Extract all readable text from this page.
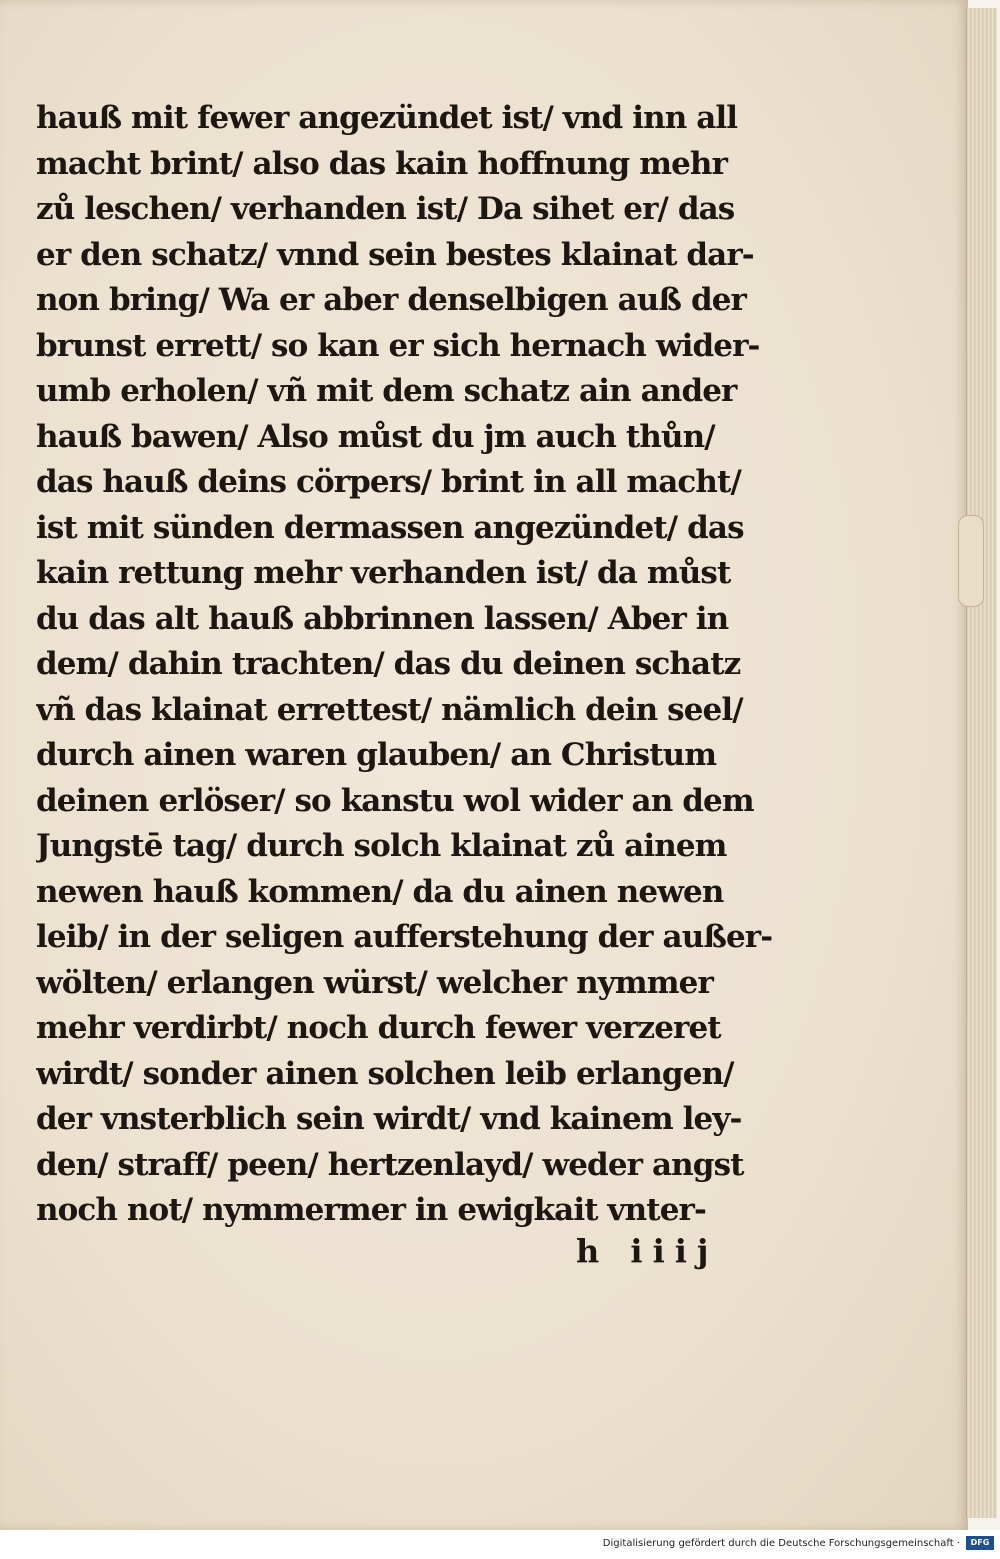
hauß mit fewer angezündet ist/ vnd inn all
macht brint/ also das kain hoffnung mehr
zů leschen/ verhanden ist/ Da sihet er/ das
er den schatz/ vnnd sein bestes klainat dar-
non bring/ Wa er aber denselbigen auß der
brunst errett/ so kan er sich hernach wider-
umb erholen/ vñ mit dem schatz ain ander
hauß bawen/ Also můst du jm auch thůn/
das hauß deins cörpers/ brint in all macht/
ist mit sünden dermassen angezündet/ das
kain rettung mehr verhanden ist/ da můst
du das alt hauß abbrinnen lassen/ Aber in
dem/ dahin trachten/ das du deinen schatz
vñ das klainat errettest/ nämlich dein seel/
durch ainen waren glauben/ an Christum
deinen erlöser/ so kanstu wol wider an dem
Jungstē tag/ durch solch klainat zů ainem
newen hauß kommen/ da du ainen newen
leib/ in der seligen aufferstehung der außer-
wölten/ erlangen würst/ welcher nymmer
mehr verdirbt/ noch durch fewer verzeret
wirdt/ sonder ainen solchen leib erlangen/
der vnsterblich sein wirdt/ vnd kainem ley-
den/ straff/ peen/ hertzenlayd/ weder angst
noch not/ nymmermer in ewigkait vnter-
h iiij
Digitalisierung gefördert durch die Deutsche Forschungsgemeinschaft ·	DFG
